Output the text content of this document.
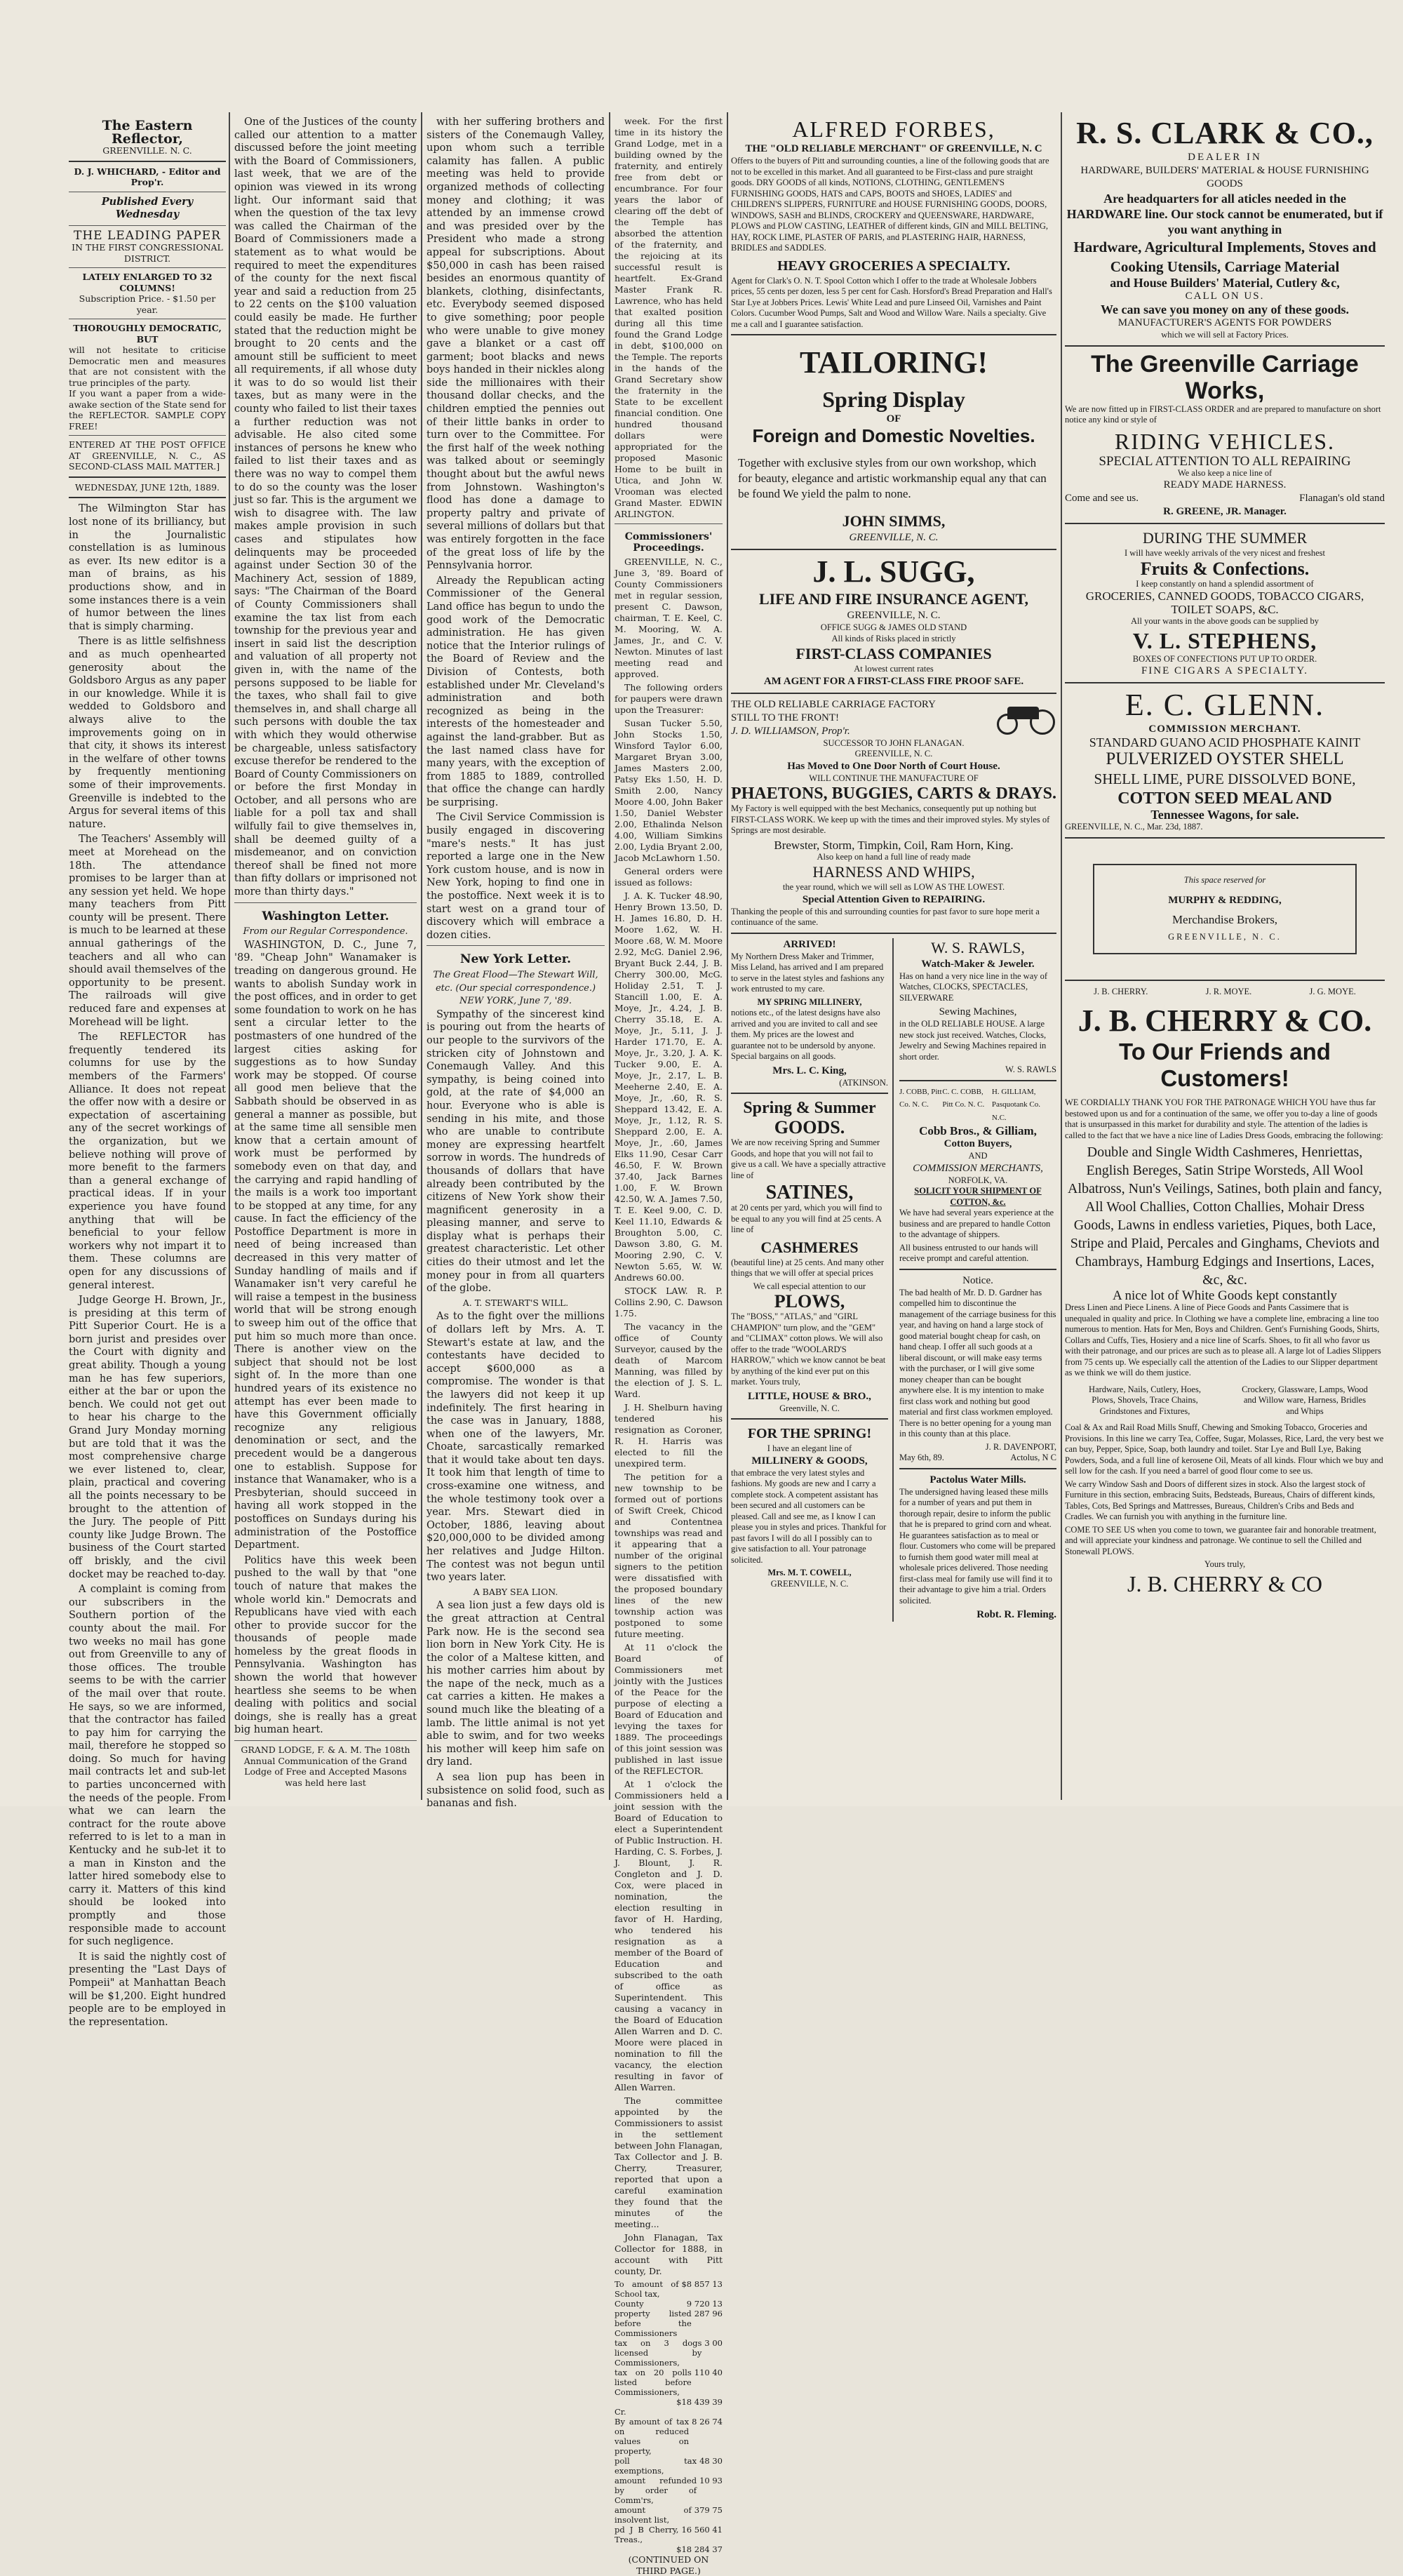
The Eastern Reflector,
GREENVILLE. N. C.
D. J. WHICHARD, - Editor and Prop'r.
Published Every Wednesday
THE LEADING PAPER
IN THE FIRST CONGRESSIONAL DISTRICT.
LATELY ENLARGED TO 32 COLUMNS!
Subscription Price. - $1.50 per year.
THOROUGHLY DEMOCRATIC, BUT
will not hesitate to criticise Democratic men and measures that are not consistent with the true principles of the party.
If you want a paper from a wide-awake section of the State send for the REFLECTOR. SAMPLE COPY FREE!
ENTERED AT THE POST OFFICE AT GREENVILLE, N. C., AS SECOND-CLASS MAIL MATTER.]
WEDNESDAY, JUNE 12th, 1889.

The Wilmington Star has lost none of its brilliancy, but in the Journalistic constellation is as luminous as ever. Its new editor is a man of brains, as his productions show, and in some instances there is a vein of humor between the lines that is simply charming.

There is as little selfishness and as much openhearted generosity about the Goldsboro Argus as any paper in our knowledge. While it is wedded to Goldsboro and always alive to the improvements going on in that city, it shows its interest in the welfare of other towns by frequently mentioning some of their improvements. Greenville is indebted to the Argus for several items of this nature.

The Teachers' Assembly will meet at Morehead on the 18th. The attendance promises to be larger than at any session yet held. We hope many teachers from Pitt county will be present. There is much to be learned at these annual gatherings of the teachers and all who can should avail themselves of the opportunity to be present. The railroads will give reduced fare and expenses at Morehead will be light.

The REFLECTOR has frequently tendered its columns for use by the members of the Farmers' Alliance. It does not repeat the offer now with a desire or expectation of ascertaining any of the secret workings of the organization, but we believe nothing will prove of more benefit to the farmers than a general exchange of practical ideas. If in your experience you have found anything that will be beneficial to your fellow workers why not impart it to them. These columns are open for any discussions of general interest.

Judge George H. Brown, Jr., is presiding at this term of Pitt Superior Court. He is a born jurist and presides over the Court with dignity and great ability. Though a young man he has few superiors, either at the bar or upon the bench. We could not get out to hear his charge to the Grand Jury Monday morning but are told that it was the most comprehensive charge we ever listened to, clear, plain, practical and covering all the points necessary to be brought to the attention of the Jury. The people of Pitt county like Judge Brown. The business of the Court started off briskly, and the civil docket may be reached to-day.

A complaint is coming from our subscribers in the Southern portion of the county about the mail. For two weeks no mail has gone out from Greenville to any of those offices. The trouble seems to be with the carrier of the mail over that route. He says, so we are informed, that the contractor has failed to pay him for carrying the mail, therefore he stopped so doing. So much for having mail contracts let and sub-let to parties unconcerned with the needs of the people. From what we can learn the contract for the route above referred to is let to a man in Kentucky and he sub-let it to a man in Kinston and the latter hired somebody else to carry it. Matters of this kind should be looked into promptly and those responsible made to account for such negligence.

It is said the nightly cost of presenting the "Last Days of Pompeii" at Manhattan Beach will be $1,200. Eight hundred people are to be employed in the representation.

One of the Justices of the county called our attention to a matter discussed before the joint meeting with the Board of Commissioners, last week, that we are of the opinion was viewed in its wrong light. Our informant said that when the question of the tax levy was called the Chairman of the Board of Commissioners made a statement as to what would be required to meet the expenditures of the county for the next fiscal year and said a reduction from 25 to 22 cents on the $100 valuation could easily be made. He further stated that the reduction might be brought to 20 cents and the amount still be sufficient to meet all requirements, if all whose duty it was to do so would list their taxes, but as many were in the county who failed to list their taxes a further reduction was not advisable. He also cited some instances of persons he knew who failed to list their taxes and as there was no way to compel them to do so the county was the loser just so far. This is the argument we wish to disagree with. The law makes ample provision in such cases and stipulates how delinquents may be proceeded against under Section 30 of the Machinery Act, session of 1889, says: "The Chairman of the Board of County Commissioners shall examine the tax list from each township for the previous year and insert in said list the description and valuation of all property not given in, with the name of the persons supposed to be liable for the taxes, who shall fail to give themselves in, and shall charge all such persons with double the tax with which they would otherwise be chargeable, unless satisfactory excuse therefor be rendered to the Board of County Commissioners on or before the first Monday in October, and all persons who are liable for a poll tax and shall wilfully fail to give themselves in, shall be deemed guilty of a misdemeanor, and on conviction thereof shall be fined not more than fifty dollars or imprisoned not more than thirty days."

Washington Letter.
From our Regular Correspondence.

WASHINGTON, D. C., June 7, '89. "Cheap John" Wanamaker is treading on dangerous ground. He wants to abolish Sunday work in the post offices, and in order to get some foundation to work on he has sent a circular letter to the postmasters of one hundred of the largest cities asking for suggestions as to how Sunday work may be stopped. Of course all good men believe that the Sabbath should be observed in as general a manner as possible, but at the same time all sensible men know that a certain amount of work must be performed by somebody even on that day, and the carrying and rapid handling of the mails is a work too important to be stopped at any time, for any cause. In fact the efficiency of the Postoffice Department is more in need of being increased than decreased in this very matter of Sunday handling of mails and if Wanamaker isn't very careful he will raise a tempest in the business world that will be strong enough to sweep him out of the office that put him so much more than once. There is another view on the subject that should not be lost sight of. In the more than one hundred years of its existence no attempt has ever been made to have this Government officially recognize any religious denomination or sect, and the precedent would be a dangerous one to establish. Suppose for instance that Wanamaker, who is a Presbyterian, should succeed in having all work stopped in the postoffices on Sundays during his administration of the Postoffice Department.

Politics have this week been pushed to the wall by that "one touch of nature that makes the whole world kin." Democrats and Republicans have vied with each other to provide succor for the thousands of people made homeless by the great floods in Pennsylvania. Washington has shown the world that however heartless she seems to be when dealing with politics and social doings, she is really has a great big human heart.

GRAND LODGE, F. & A. M. The 108th Annual Communication of the Grand Lodge of Free and Accepted Masons was held here last

with her suffering brothers and sisters of the Conemaugh Valley, upon whom such a terrible calamity has fallen. A public meeting was held to provide organized methods of collecting money and clothing; it was attended by an immense crowd and was presided over by the President who made a strong appeal for subscriptions. About $50,000 in cash has been raised besides an enormous quantity of blankets, clothing, disinfectants, etc. Everybody seemed disposed to give something; poor people who were unable to give money gave a blanket or a cast off garment; boot blacks and news boys handed in their nickles along side the millionaires with their thousand dollar checks, and the children emptied the pennies out of their little banks in order to turn over to the Committee. For the first half of the week nothing was talked about or seemingly thought about but the awful news from Johnstown. Washington's flood has done a damage to property paltry and private of several millions of dollars but that was entirely forgotten in the face of the great loss of life by the Pennsylvania horror.

Already the Republican acting Commissioner of the General Land office has begun to undo the good work of the Democratic administration. He has given notice that the Interior rulings of the Board of Review and the Division of Contests, both established under Mr. Cleveland's administration and both recognized as being in the interests of the homesteader and against the land-grabber. But as the last named class have for many years, with the exception of from 1885 to 1889, controlled that office the change can hardly be surprising.

The Civil Service Commission is busily engaged in discovering "mare's nests." It has just reported a large one in the New York custom house, and is now in New York, hoping to find one in the postoffice. Next week it is to start west on a grand tour of discovery which will embrace a dozen cities.

New York Letter.
The Great Flood—The Stewart Will, etc. (Our special correspondence.) NEW YORK, June 7, '89.

Sympathy of the sincerest kind is pouring out from the hearts of our people to the survivors of the stricken city of Johnstown and Conemaugh Valley. And this sympathy, is being coined into gold, at the rate of $4,000 an hour. Everyone who is able is sending in his mite, and those who are unable to contribute money are expressing heartfelt sorrow in words. The hundreds of thousands of dollars that have already been contributed by the citizens of New York show their magnificent generosity in a pleasing manner, and serve to display what is perhaps their greatest characteristic. Let other cities do their utmost and let the money pour in from all quarters of the globe.

A. T. STEWART'S WILL.

As to the fight over the millions of dollars left by Mrs. A. T. Stewart's estate at law, and the contestants have decided to accept $600,000 as a compromise. The wonder is that the lawyers did not keep it up indefinitely. The first hearing in the case was in January, 1888, when one of the lawyers, Mr. Choate, sarcastically remarked that it would take about ten days. It took him that length of time to cross-examine one witness, and the whole testimony took over a year. Mrs. Stewart died in October, 1886, leaving about $20,000,000 to be divided among her relatives and Judge Hilton. The contest was not begun until two years later.

A BABY SEA LION.

A sea lion just a few days old is the great attraction at Central Park now. He is the second sea lion born in New York City. He is the color of a Maltese kitten, and his mother carries him about by the nape of the neck, much as a cat carries a kitten. He makes a sound much like the bleating of a lamb. The little animal is not yet able to swim, and for two weeks his mother will keep him safe on dry land.

A sea lion pup has been in subsistence on solid food, such as bananas and fish.

week. For the first time in its history the Grand Lodge, met in a building owned by the fraternity, and entirely free from debt or encumbrance. For four years the labor of clearing off the debt of the Temple has absorbed the attention of the fraternity, and the rejoicing at its successful result is heartfelt. Ex-Grand Master Frank R. Lawrence, who has held that exalted position during all this time found the Grand Lodge in debt, $100,000 on the Temple. The reports in the hands of the Grand Secretary show the fraternity in the State to be excellent financial condition. One hundred thousand dollars were appropriated for the proposed Masonic Home to be built in Utica, and John W. Vrooman was elected Grand Master. EDWIN ARLINGTON.

Commissioners' Proceedings.

GREENVILLE, N. C., June 3, '89. Board of County Commissioners met in regular session, present C. Dawson, chairman, T. E. Keel, C. M. Mooring, W. A. James, Jr., and C. V. Newton. Minutes of last meeting read and approved.

The following orders for paupers were drawn upon the Treasurer:

Susan Tucker 5.50, John Stocks 1.50, Winsford Taylor 6.00, Margaret Bryan 3.00, James Masters 2.00, Patsy Eks 1.50, H. D. Smith 2.00, Nancy Moore 4.00, John Baker 1.50, Daniel Webster 2.00, Ethalinda Nelson 4.00, William Simkins 2.00, Lydia Bryant 2.00, Jacob McLawhorn 1.50.

General orders were issued as follows:

J. A. K. Tucker 48.90, Henry Brown 13.50, D. H. James 16.80, D. H. Moore 1.62, W. H. Moore .68, W. M. Moore 2.92, McG. Daniel 2.96, Bryant Buck 2.44, J. B. Cherry 300.00, McG. Holiday 2.51, T. J. Stancill 1.00, E. A. Moye, Jr., 4.24, J. B. Cherry 35.18, E. A. Moye, Jr., 5.11, J. J. Harder 171.70, E. A. Moye, Jr., 3.20, J. A. K. Tucker 9.00, E. A. Moye, Jr., 2.17, L. B. Meeherne 2.40, E. A. Moye, Jr., .60, R. S. Sheppard 13.42, E. A. Moye, Jr., 1.12, R. S. Sheppard 2.00, E. A. Moye, Jr., .60, James Elks 11.90, Cesar Carr 46.50, F. W. Brown 37.40, Jack Barnes 1.00, F. W. Brown 42.50, W. A. James 7.50, T. E. Keel 9.00, C. D. Keel 11.10, Edwards & Broughton 5.00, C. Dawson 3.80, G. M. Mooring 2.90, C. V. Newton 5.65, W. W. Andrews 60.00.

STOCK LAW. R. P. Collins 2.90, C. Dawson 1.75.

The vacancy in the office of County Surveyor, caused by the death of Marcom Manning, was filled by the election of J. S. L. Ward.

J. H. Shelburn having tendered his resignation as Coroner, R. H. Harris was elected to fill the unexpired term.

The petition for a new township to be formed out of portions of Swift Creek, Chicod and Contentnea townships was read and it appearing that a number of the original signers to the petition were dissatisfied with the proposed boundary lines of the new township action was postponed to some future meeting.

At 11 o'clock the Board of Commissioners met jointly with the Justices of the Peace for the purpose of electing a Board of Education and levying the taxes for 1889. The proceedings of this joint session was published in last issue of the REFLECTOR.

At 1 o'clock the Commissioners held a joint session with the Board of Education to elect a Superintendent of Public Instruction. H. Harding, C. S. Forbes, J. J. Blount, J. R. Congleton and J. D. Cox, were placed in nomination, the election resulting in favor of H. Harding, who tendered his resignation as a member of the Board of Education and subscribed to the oath of office as Superintendent. This causing a vacancy in the Board of Education Allen Warren and D. C. Moore were placed in nomination to fill the vacancy, the election resulting in favor of Allen Warren.

The committee appointed by the Commissioners to assist in the settlement between John Flanagan, Tax Collector and J. B. Cherry, Treasurer, reported that upon a careful examination they found that the minutes of the meeting...

John Flanagan, Tax Collector for 1888, in account with Pitt county, Dr.

To amount of School tax,
$8 857 13
County	9 720 13
property listed before the Commissioners
287 96
tax on 3 dogs licensed by Commissioners,
3 00
tax on 20 polls listed before Commissioners,
110 40
$18 439 39
Cr.
By amount of tax on reduced values on property,
8 26 74
poll tax exemptions,
48 30
amount refunded by order of Comm'rs,
10 93
amount of insolvent list,
379 75
pd J B Cherry, Treas.,
16 560 41
$18 284 37
(CONTINUED ON THIRD PAGE.)
ALFRED FORBES,
THE "OLD RELIABLE MERCHANT" OF GREENVILLE, N. C

Offers to the buyers of Pitt and surrounding counties, a line of the following goods that are not to be excelled in this market. And all guaranteed to be First-class and pure straight goods. DRY GOODS of all kinds, NOTIONS, CLOTHING, GENTLEMEN'S FURNISHING GOODS, HATS and CAPS, BOOTS and SHOES, LADIES' and CHILDREN'S SLIPPERS, FURNITURE and HOUSE FURNISHING GOODS, DOORS, WINDOWS, SASH and BLINDS, CROCKERY and QUEENSWARE, HARDWARE, PLOWS and PLOW CASTING, LEATHER of different kinds, GIN and MILL BELTING, HAY, ROCK LIME, PLASTER OF PARIS, and PLASTERING HAIR, HARNESS, BRIDLES and SADDLES.

HEAVY GROCERIES A SPECIALTY.

Agent for Clark's O. N. T. Spool Cotton which I offer to the trade at Wholesale Jobbers prices, 55 cents per dozen, less 5 per cent for Cash. Horsford's Bread Preparation and Hall's Star Lye at Jobbers Prices. Lewis' White Lead and pure Linseed Oil, Varnishes and Paint Colors. Cucumber Wood Pumps, Salt and Wood and Willow Ware. Nails a specialty. Give me a call and I guarantee satisfaction.

TAILORING!
Spring Display
OF
Foreign and Domestic Novelties.

Together with exclusive styles from our own workshop, which for beauty, elegance and artistic workmanship equal any that can be found We yield the palm to none.

JOHN SIMMS,
GREENVILLE, N. C.
J. L. SUGG,
LIFE AND FIRE INSURANCE AGENT,
GREENVILLE, N. C.
OFFICE SUGG & JAMES OLD STAND
All kinds of Risks placed in strictly
FIRST-CLASS COMPANIES
At lowest current rates
AM AGENT FOR A FIRST-CLASS FIRE PROOF SAFE.
THE OLD RELIABLE CARRIAGE FACTORY
STILL TO THE FRONT!
J. D. WILLIAMSON, Prop'r.
SUCCESSOR TO JOHN FLANAGAN.
GREENVILLE, N. C.
Has Moved to One Door North of Court House.
WILL CONTINUE THE MANUFACTURE OF
PHAETONS, BUGGIES, CARTS & DRAYS.

My Factory is well equipped with the best Mechanics, consequently put up nothing but FIRST-CLASS WORK. We keep up with the times and their improved styles. My styles of Springs are most desirable.

Brewster, Storm, Timpkin, Coil, Ram Horn, King.
Also keep on hand a full line of ready made
HARNESS AND WHIPS,
the year round, which we will sell as LOW AS THE LOWEST.
Special Attention Given to REPAIRING.

Thanking the people of this and surrounding counties for past favor to sure hope merit a continuance of the same.

ARRIVED!

My Northern Dress Maker and Trimmer, Miss Leland, has arrived and I am prepared to serve in the latest styles and fashions any work entrusted to my care.

MY SPRING MILLINERY,

notions etc., of the latest designs have also arrived and you are invited to call and see them. My prices are the lowest and guarantee not to be undersold by anyone. Special bargains on all goods.

Mrs. L. C. King,
(ATKINSON.
Spring & Summer
GOODS.

We are now receiving Spring and Summer Goods, and hope that you will not fail to give us a call. We have a specially attractive line of

SATINES,

at 20 cents per yard, which you will find to be equal to any you will find at 25 cents. A line of

CASHMERES

(beautiful line) at 25 cents. And many other things that we will offer at special prices

We call especial attention to our
PLOWS,

The "BOSS," "ATLAS," and "GIRL CHAMPION" turn plow, and the "GEM" and "CLIMAX" cotton plows. We will also offer to the trade "WOOLARD'S HARROW," which we know cannot be beat by anything of the kind ever put on this market. Yours truly,

LITTLE, HOUSE & BRO.,
Greenville, N. C.
FOR THE SPRING!
I have an elegant line of
MILLINERY & GOODS,

that embrace the very latest styles and fashions. My goods are new and I carry a complete stock. A competent assistant has been secured and all customers can be pleased. Call and see me, as I know I can please you in styles and prices. Thankful for past favors I will do all I possibly can to give satisfaction to all. Your patronage solicited.

Mrs. M. T. COWELL,
GREENVILLE, N. C.
W. S. RAWLS,
Watch-Maker & Jeweler.

Has on hand a very nice line in the way of Watches, CLOCKS, SPECTACLES, SILVERWARE

Sewing Machines,

in the OLD RELIABLE HOUSE. A large new stock just received. Watches, Clocks, Jewelry and Sewing Machines repaired in short order.

W. S. RAWLS
J. COBB, Pitt Co. N. C.
C. C. COBB, Pitt Co. N. C.
H. GILLIAM, Pasquotank Co. N.C.
Cobb Bros., & Gilliam,
Cotton Buyers,
AND
COMMISSION MERCHANTS,
NORFOLK, VA.
SOLICIT YOUR SHIPMENT OF COTTON, &c.

We have had several years experience at the business and are prepared to handle Cotton to the advantage of shippers.

All business entrusted to our hands will receive prompt and careful attention.

Notice.

The bad health of Mr. D. D. Gardner has compelled him to discontinue the management of the carriage business for this year, and having on hand a large stock of good material bought cheap for cash, on hand cheap. I offer all such goods at a liberal discount, or will make easy terms with the purchaser, or I will give some money cheaper than can be bought anywhere else. It is my intention to make first class work and nothing but good material and first class workmen employed. There is no better opening for a young man in this county than at this place.

J. R. DAVENPORT,
May 6th, 89.	Actolus, N C
Pactolus Water Mills.

The undersigned having leased these mills for a number of years and put them in thorough repair, desire to inform the public that he is prepared to grind corn and wheat. He guarantees satisfaction as to meal or flour. Customers who come will be prepared to furnish them good water mill meal at wholesale prices delivered. Those needing first-class meal for family use will find it to their advantage to give him a trial. Orders solicited.

Robt. R. Fleming.
R. S. CLARK & CO.,
DEALER IN
HARDWARE, BUILDERS' MATERIAL & HOUSE FURNISHING GOODS
Are headquarters for all aticles needed in the HARDWARE line. Our stock cannot be enumerated, but if you want anything in
Hardware, Agricultural Implements, Stoves and Cooking Utensils, Carriage Material
and House Builders' Material, Cutlery &c,
CALL ON US.
We can save you money on any of these goods.
MANUFACTURER'S AGENTS FOR POWDERS
which we will sell at Factory Prices.
The Greenville Carriage Works,

We are now fitted up in FIRST-CLASS ORDER and are prepared to manufacture on short notice any kind or style of

RIDING VEHICLES.
SPECIAL ATTENTION TO ALL REPAIRING
We also keep a nice line of
READY MADE HARNESS.
Come and see us.	Flanagan's old stand
R. GREENE, JR. Manager.
DURING THE SUMMER
I will have weekly arrivals of the very nicest and freshest
Fruits & Confections.
I keep constantly on hand a splendid assortment of
GROCERIES, CANNED GOODS, TOBACCO CIGARS, TOILET SOAPS, &C.
All your wants in the above goods can be supplied by
V. L. STEPHENS,
BOXES OF CONFECTIONS PUT UP TO ORDER.
FINE CIGARS A SPECIALTY.
E. C. GLENN.
COMMISSION MERCHANT.
STANDARD GUANO ACID PHOSPHATE KAINIT
PULVERIZED OYSTER SHELL
SHELL LIME, PURE DISSOLVED BONE,
COTTON SEED MEAL AND
Tennessee Wagons, for sale.
GREENVILLE, N. C., Mar. 23d, 1887.
This space reserved for
MURPHY & REDDING,
Merchandise Brokers,
GREENVILLE, N. C.
J. B. CHERRY.	J. R. MOYE.	J. G. MOYE.
J. B. CHERRY & CO.
To Our Friends and Customers!

WE CORDIALLY THANK YOU FOR THE PATRONAGE WHICH YOU have thus far bestowed upon us and for a continuation of the same, we offer you to-day a line of goods that is unsurpassed in this market for durability and style. The attention of the ladies is called to the fact that we have a nice line of Ladies Dress Goods, embracing the following:

Double and Single Width Cashmeres, Henriettas, English Bereges, Satin Stripe Worsteds, All Wool Albatross, Nun's Veilings, Satines, both plain and fancy, All Wool Challies, Cotton Challies, Mohair Dress Goods, Lawns in endless varieties, Piques, both Lace, Stripe and Plaid, Percales and Ginghams, Cheviots and Chambrays, Hamburg Edgings and Insertions, Laces, &c, &c.
A nice lot of White Goods kept constantly

Dress Linen and Piece Linens. A line of Piece Goods and Pants Cassimere that is unequaled in quality and price. In Clothing we have a complete line, embracing a line too numerous to mention. Hats for Men, Boys and Children. Gent's Furnishing Goods, Shirts, Collars and Cuffs, Ties, Hosiery and a nice line of Scarfs. Shoes, to fit all who favor us with their patronage, and our prices are such as to please all. A large lot of Ladies Slippers from 75 cents up. We especially call the attention of the Ladies to our Slipper department as we think we will do them justice.

Hardware, Nails, Cutlery, Hoes, Plows, Shovels, Trace Chains, Grindstones and Fixtures,
Crockery, Glassware, Lamps, Wood and Willow ware, Harness, Bridles and Whips

Coal & Ax and Rail Road Mills Snuff, Chewing and Smoking Tobacco, Groceries and Provisions. In this line we carry Tea, Coffee, Sugar, Molasses, Rice, Lard, the very best we can buy, Pepper, Spice, Soap, both laundry and toilet. Star Lye and Bull Lye, Baking Powders, Soda, and a full line of kerosene Oil, Meats of all kinds. Flour which we buy and sell low for the cash. If you need a barrel of good flour come to see us.

We carry Window Sash and Doors of different sizes in stock. Also the largest stock of Furniture in this section, embracing Suits, Bedsteads, Bureaus, Chairs of different kinds, Tables, Cots, Bed Springs and Mattresses, Bureaus, Children's Cribs and Beds and Cradles. We can furnish you with anything in the furniture line.

COME TO SEE US when you come to town, we guarantee fair and honorable treatment, and will appreciate your kindness and patronage. We continue to sell the Chilled and Stonewall PLOWS.

Yours truly,
J. B. CHERRY & CO
